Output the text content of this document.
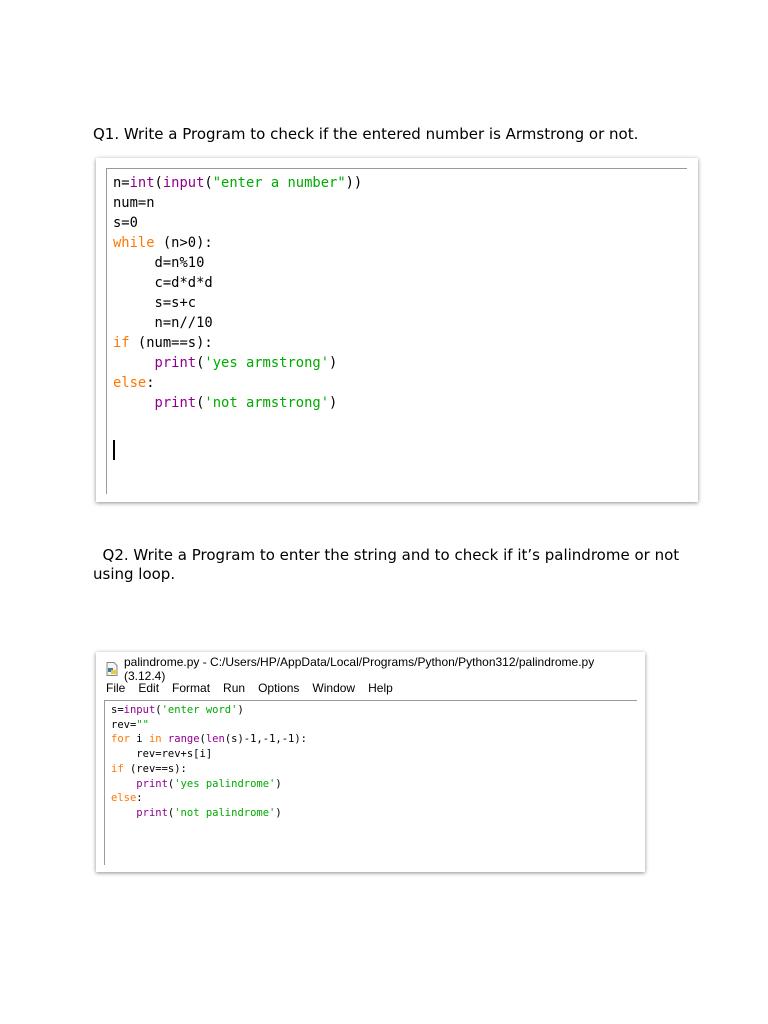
Q1. Write a Program to check if the entered number is Armstrong or not.
n=int(input("enter a number"))
num=n
s=0
while (n>0):
d=n%10
c=d*d*d
s=s+c
n=n//10
if (num==s):
print('yes armstrong')
else:
print('not armstrong')
Q2. Write a Program to enter the string and to check if it’s palindrome or not using loop.
palindrome.py - C:/Users/HP/AppData/Local/Programs/Python/Python312/palindrome.py (3.12.4)
File Edit Format Run Options Window Help
s=input('enter word')
rev=""
for i in range(len(s)-1,-1,-1):
rev=rev+s[i]
if (rev==s):
print('yes palindrome')
else:
print('not palindrome')
